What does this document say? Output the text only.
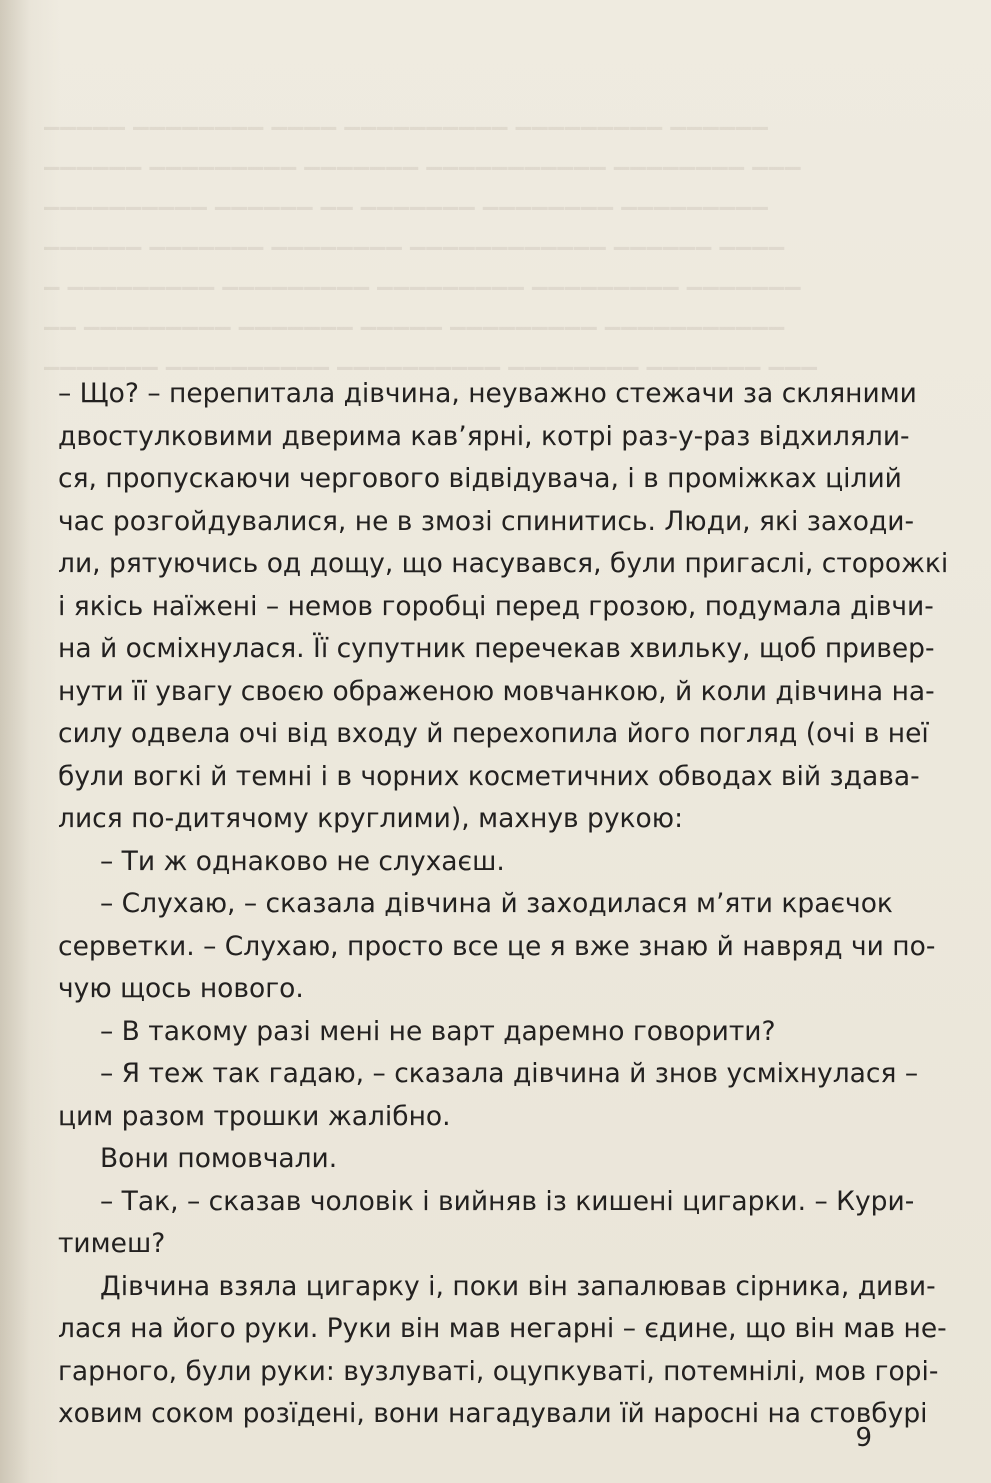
▁▁▁▁▁ ▁▁▁▁▁▁▁▁ ▁▁▁▁ ▁▁▁▁▁▁▁▁▁▁ ▁▁▁▁▁▁▁▁▁ ▁▁▁▁▁▁
▁▁▁▁▁▁ ▁▁▁▁▁▁▁▁▁ ▁▁▁▁▁▁▁ ▁▁▁▁▁▁▁▁▁▁▁ ▁▁▁▁▁▁▁▁ ▁▁▁
▁▁▁▁▁▁▁▁▁▁ ▁▁▁▁▁▁ ▁▁ ▁▁▁▁▁▁▁ ▁▁▁▁▁▁▁▁ ▁▁▁▁▁▁▁▁▁
▁▁▁▁▁▁ ▁▁▁▁▁▁▁ ▁▁▁▁▁▁▁▁ ▁▁▁▁▁▁▁▁▁▁▁▁ ▁▁▁▁▁▁ ▁▁▁▁
▁ ▁▁▁▁▁▁▁▁▁ ▁▁▁▁▁▁▁▁▁ ▁▁▁▁▁▁▁▁▁ ▁▁▁▁▁▁▁▁▁ ▁▁▁▁▁▁▁
▁▁ ▁▁▁▁▁▁▁▁▁ ▁▁▁▁▁▁▁ ▁▁▁▁▁ ▁▁▁▁▁▁▁▁▁ ▁▁▁▁▁▁▁▁▁▁▁
▁▁▁▁▁▁▁ ▁▁▁▁▁▁▁▁▁▁ ▁▁▁▁▁▁▁▁▁▁ ▁▁▁▁▁▁▁▁ ▁▁▁▁▁▁▁ ▁▁▁
– Що? – перепитала дівчина, неуважно стежачи за скляними
двостулковими дверима кав’ярні, котрі раз-у-раз відхиляли-
ся, пропускаючи чергового відвідувача, і в проміжках цілий
час розгойдувалися, не в змозі спинитись. Люди, які заходи-
ли, рятуючись од дощу, що насувався, були пригаслі, сторожкі
і якісь наїжені – немов горобці перед грозою, подумала дівчи-
на й осміхнулася. Її супутник перечекав хвильку, щоб привер-
нути її увагу своєю ображеною мовчанкою, й коли дівчина на-
силу одвела очі від входу й перехопила його погляд (очі в неї
були вогкі й темні і в чорних косметичних обводах вій здава-
лися по-дитячому круглими), махнув рукою:
– Ти ж однаково не слухаєш.
– Слухаю, – сказала дівчина й заходилася м’яти краєчок
серветки. – Слухаю, просто все це я вже знаю й навряд чи по-
чую щось нового.
– В такому разі мені не варт даремно говорити?
– Я теж так гадаю, – сказала дівчина й знов усміхнулася –
цим разом трошки жалібно.
Вони помовчали.
– Так, – сказав чоловік і вийняв із кишені цигарки. – Кури-
тимеш?
Дівчина взяла цигарку і, поки він запалював сірника, диви-
лася на його руки. Руки він мав негарні – єдине, що він мав не-
гарного, були руки: вузлуваті, оцупкуваті, потемнілі, мов горі-
ховим соком розїдені, вони нагадували їй наросні на стовбурі
9
